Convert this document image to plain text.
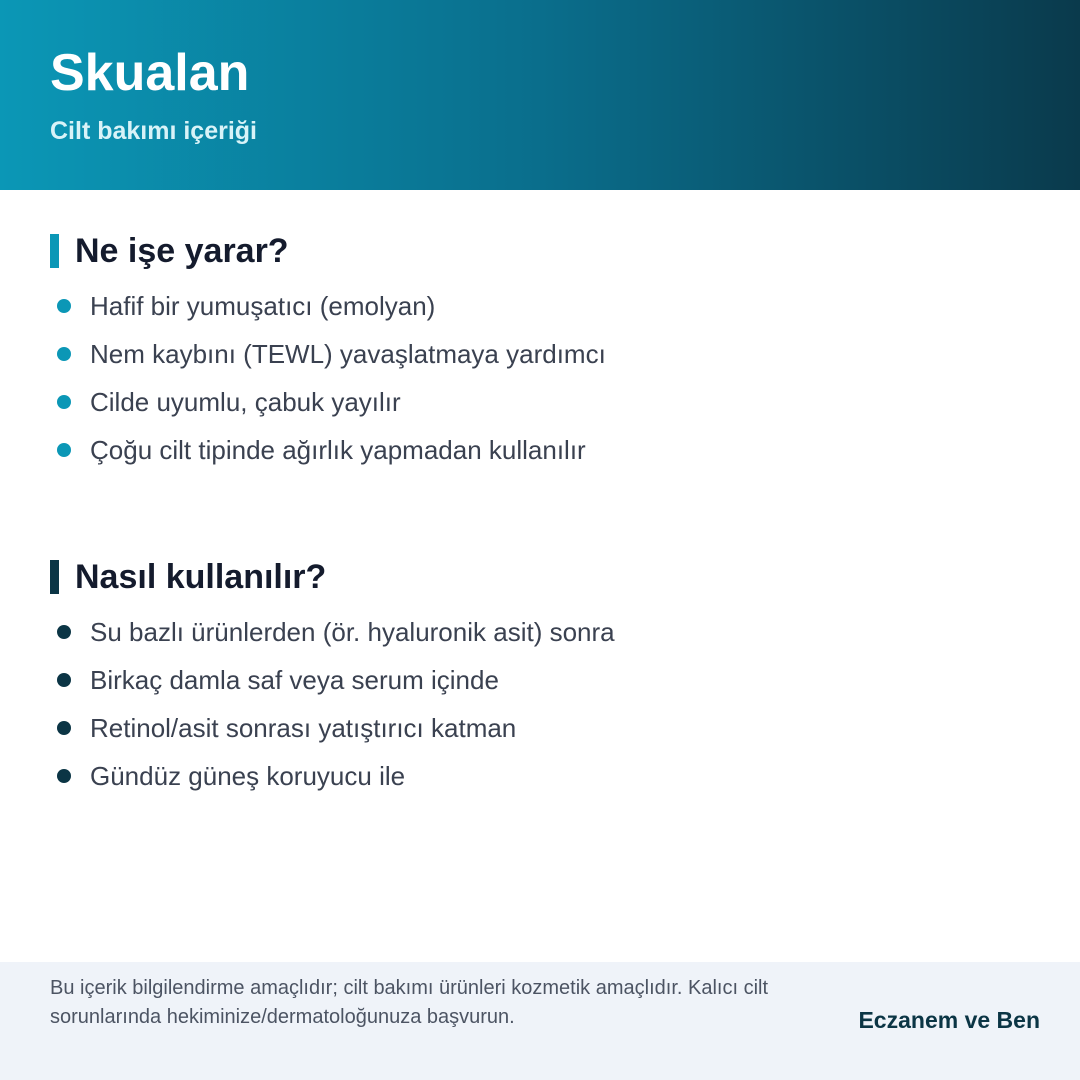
Skualan
Cilt bakımı içeriği
Ne işe yarar?
Hafif bir yumuşatıcı (emolyan)
Nem kaybını (TEWL) yavaşlatmaya yardımcı
Cilde uyumlu, çabuk yayılır
Çoğu cilt tipinde ağırlık yapmadan kullanılır
Nasıl kullanılır?
Su bazlı ürünlerden (ör. hyaluronik asit) sonra
Birkaç damla saf veya serum içinde
Retinol/asit sonrası yatıştırıcı katman
Gündüz güneş koruyucu ile
Bu içerik bilgilendirme amaçlıdır; cilt bakımı ürünleri kozmetik amaçlıdır. Kalıcı cilt sorunlarında hekiminize/dermatoloğunuza başvurun.	Eczanem ve Ben
